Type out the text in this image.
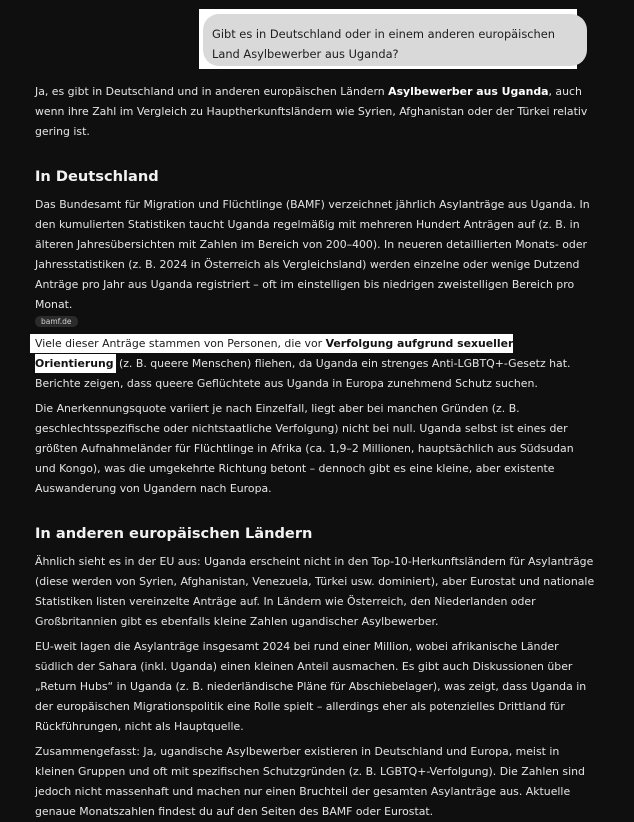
Gibt es in Deutschland oder in einem anderen europäischen Land Asylbewerber aus Uganda?

Ja, es gibt in Deutschland und in anderen europäischen Ländern Asylbewerber aus Uganda, auch wenn ihre Zahl im Vergleich zu Hauptherkunftsländern wie Syrien, Afghanistan oder der Türkei relativ gering ist.

In Deutschland

Das Bundesamt für Migration und Flüchtlinge (BAMF) verzeichnet jährlich Asylanträge aus Uganda. In den kumulierten Statistiken taucht Uganda regelmäßig mit mehreren Hundert Anträgen auf (z. B. in älteren Jahresübersichten mit Zahlen im Bereich von 200–400). In neueren detaillierten Monats- oder Jahresstatistiken (z. B. 2024 in Österreich als Vergleichsland) werden einzelne oder wenige Dutzend Anträge pro Jahr aus Uganda registriert – oft im einstelligen bis niedrigen zweistelligen Bereich pro Monat.

bamf.de

Viele dieser Anträge stammen von Personen, die vor Verfolgung aufgrund sexueller Orientierung (z. B. queere Menschen) fliehen, da Uganda ein strenges Anti-LGBTQ+-Gesetz hat. Berichte zeigen, dass queere Geflüchtete aus Uganda in Europa zunehmend Schutz suchen.

Die Anerkennungsquote variiert je nach Einzelfall, liegt aber bei manchen Gründen (z. B. geschlechtsspezifische oder nichtstaatliche Verfolgung) nicht bei null. Uganda selbst ist eines der größten Aufnahmeländer für Flüchtlinge in Afrika (ca. 1,9–2 Millionen, hauptsächlich aus Südsudan und Kongo), was die umgekehrte Richtung betont – dennoch gibt es eine kleine, aber existente Auswanderung von Ugandern nach Europa.

In anderen europäischen Ländern

Ähnlich sieht es in der EU aus: Uganda erscheint nicht in den Top-10-Herkunftsländern für Asylanträge (diese werden von Syrien, Afghanistan, Venezuela, Türkei usw. dominiert), aber Eurostat und nationale Statistiken listen vereinzelte Anträge auf. In Ländern wie Österreich, den Niederlanden oder Großbritannien gibt es ebenfalls kleine Zahlen ugandischer Asylbewerber.

EU-weit lagen die Asylanträge insgesamt 2024 bei rund einer Million, wobei afrikanische Länder südlich der Sahara (inkl. Uganda) einen kleinen Anteil ausmachen. Es gibt auch Diskussionen über „Return Hubs“ in Uganda (z. B. niederländische Pläne für Abschiebelager), was zeigt, dass Uganda in der europäischen Migrationspolitik eine Rolle spielt – allerdings eher als potenzielles Drittland für Rückführungen, nicht als Hauptquelle.

Zusammengefasst: Ja, ugandische Asylbewerber existieren in Deutschland und Europa, meist in kleinen Gruppen und oft mit spezifischen Schutzgründen (z. B. LGBTQ+-Verfolgung). Die Zahlen sind jedoch nicht massenhaft und machen nur einen Bruchteil der gesamten Asylanträge aus. Aktuelle genaue Monatszahlen findest du auf den Seiten des BAMF oder Eurostat.
